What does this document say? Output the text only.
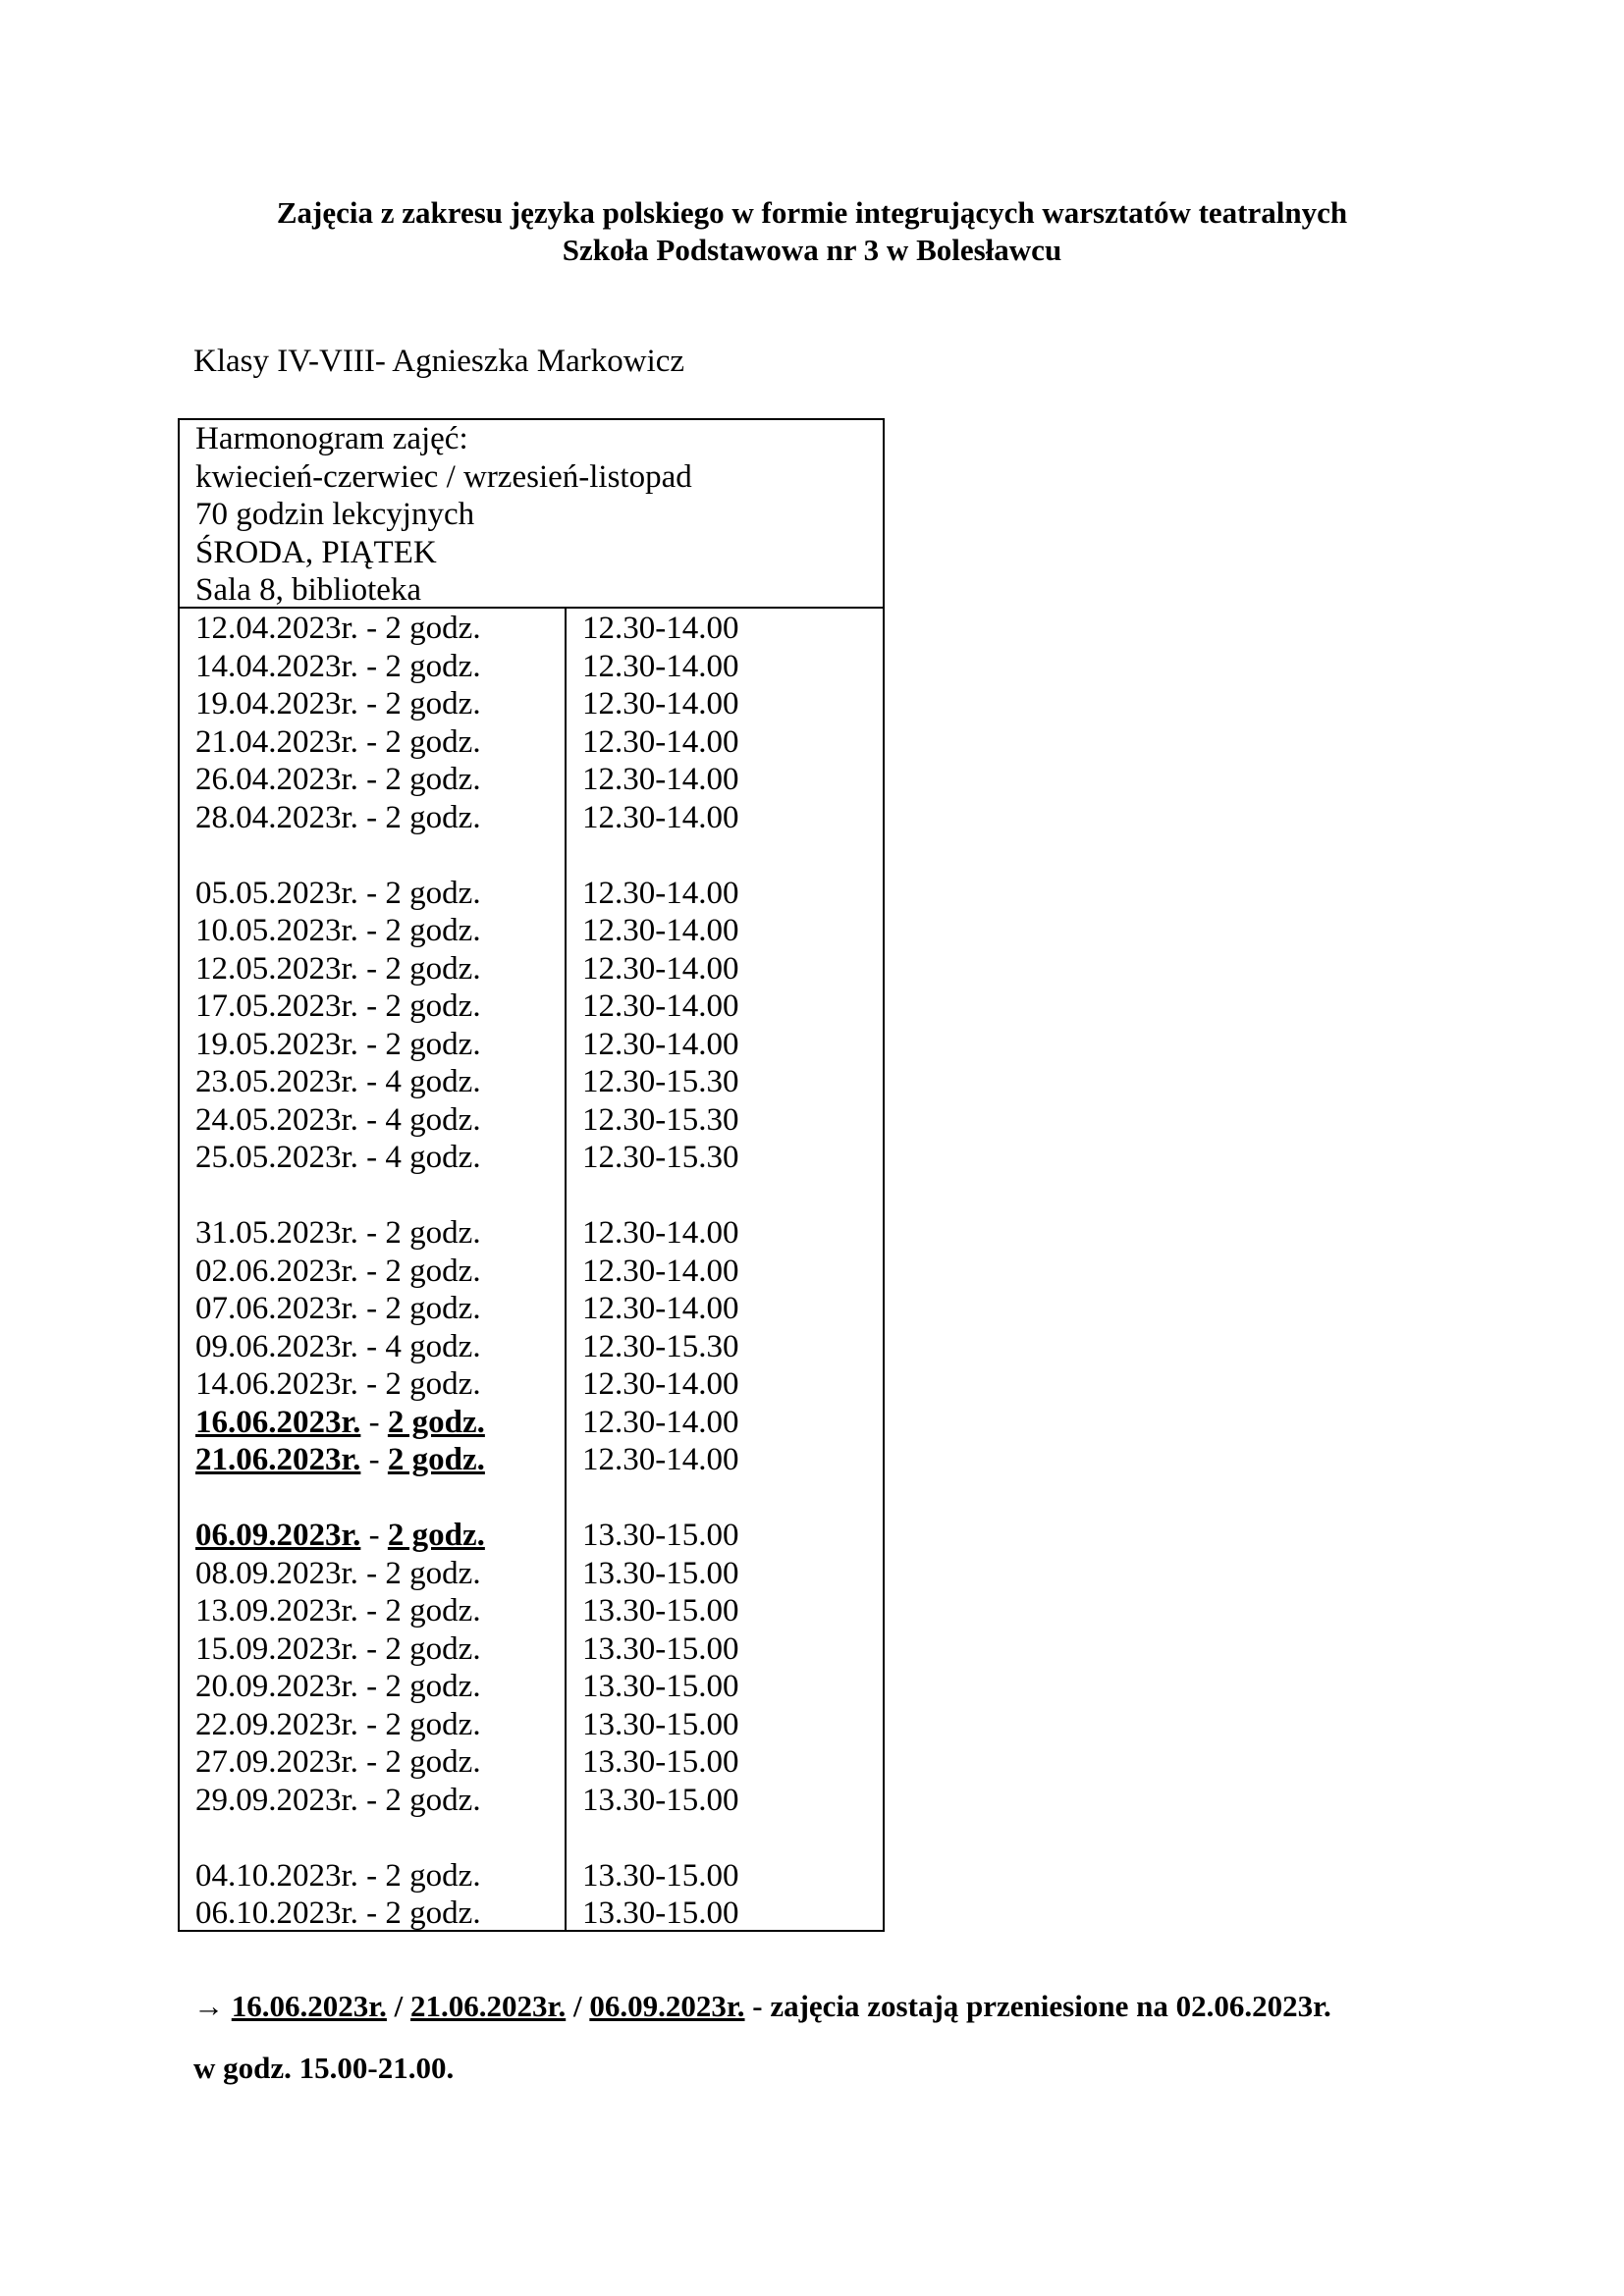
Zajęcia z zakresu języka polskiego w formie integrujących warsztatów teatralnych
Szkoła Podstawowa nr 3 w Bolesławcu
Klasy IV-VIII- Agnieszka Markowicz
Harmonogram zajęć:
kwiecień-czerwiec / wrzesień-listopad
70 godzin lekcyjnych
ŚRODA, PIĄTEK
Sala 8, biblioteka
12.04.2023r. - 2 godz.	12.30-14.00
14.04.2023r. - 2 godz.	12.30-14.00
19.04.2023r. - 2 godz.	12.30-14.00
21.04.2023r. - 2 godz.	12.30-14.00
26.04.2023r. - 2 godz.	12.30-14.00
28.04.2023r. - 2 godz.	12.30-14.00
05.05.2023r. - 2 godz.	12.30-14.00
10.05.2023r. - 2 godz.	12.30-14.00
12.05.2023r. - 2 godz.	12.30-14.00
17.05.2023r. - 2 godz.	12.30-14.00
19.05.2023r. - 2 godz.	12.30-14.00
23.05.2023r. - 4 godz.	12.30-15.30
24.05.2023r. - 4 godz.	12.30-15.30
25.05.2023r. - 4 godz.	12.30-15.30
31.05.2023r. - 2 godz.	12.30-14.00
02.06.2023r. - 2 godz.	12.30-14.00
07.06.2023r. - 2 godz.	12.30-14.00
09.06.2023r. - 4 godz.	12.30-15.30
14.06.2023r. - 2 godz.	12.30-14.00
16.06.2023r. - 2 godz.	12.30-14.00
21.06.2023r. - 2 godz.	12.30-14.00
06.09.2023r. - 2 godz.	13.30-15.00
08.09.2023r. - 2 godz.	13.30-15.00
13.09.2023r. - 2 godz.	13.30-15.00
15.09.2023r. - 2 godz.	13.30-15.00
20.09.2023r. - 2 godz.	13.30-15.00
22.09.2023r. - 2 godz.	13.30-15.00
27.09.2023r. - 2 godz.	13.30-15.00
29.09.2023r. - 2 godz.	13.30-15.00
04.10.2023r. - 2 godz.	13.30-15.00
06.10.2023r. - 2 godz.	13.30-15.00
→ 16.06.2023r. / 21.06.2023r. / 06.09.2023r. - zajęcia zostają przeniesione na 02.06.2023r.
w godz. 15.00-21.00.
